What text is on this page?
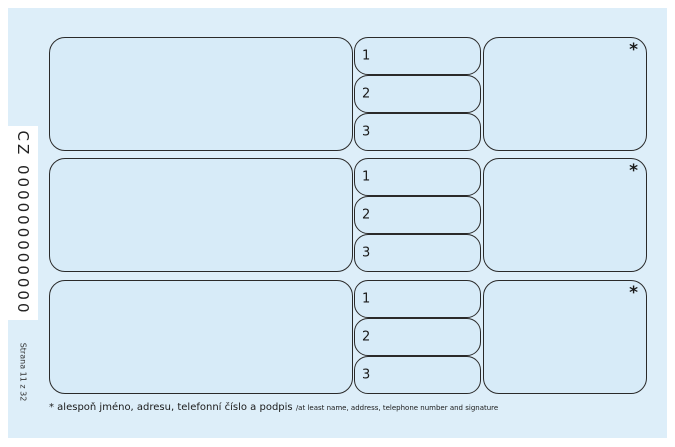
CZ 000000000000
Strana 11 z 32
1
2
3
*
1
2
3
*
1
2
3
*
* alespoň jméno, adresu, telefonní číslo a podpis /at least name, address, telephone number and signature
